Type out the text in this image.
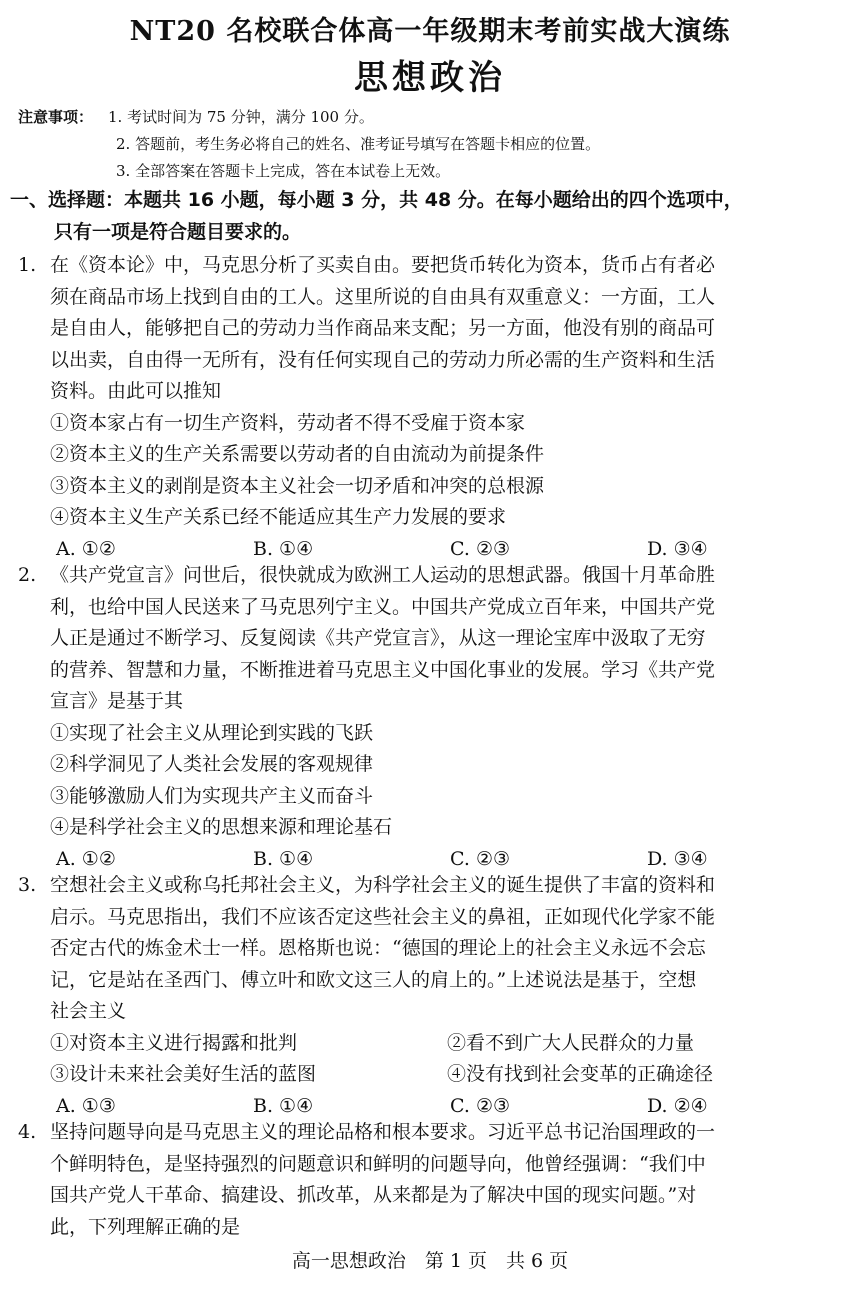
NT20 名校联合体高一年级期末考前实战大演练
思想政治
注意事项： 1. 考试时间为 75 分钟，满分 100 分。
2. 答题前，考生务必将自己的姓名、准考证号填写在答题卡相应的位置。
3. 全部答案在答题卡上完成，答在本试卷上无效。
一、选择题：本题共 16 小题，每小题 3 分，共 48 分。在每小题给出的四个选项中，
只有一项是符合题目要求的。
1. 在《资本论》中，马克思分析了买卖自由。要把货币转化为资本，货币占有者必
须在商品市场上找到自由的工人。这里所说的自由具有双重意义：一方面，工人
是自由人，能够把自己的劳动力当作商品来支配；另一方面，他没有别的商品可
以出卖，自由得一无所有，没有任何实现自己的劳动力所必需的生产资料和生活
资料。由此可以推知
①资本家占有一切生产资料，劳动者不得不受雇于资本家
②资本主义的生产关系需要以劳动者的自由流动为前提条件
③资本主义的剥削是资本主义社会一切矛盾和冲突的总根源
④资本主义生产关系已经不能适应其生产力发展的要求
A. ①②	B. ①④	C. ②③	D. ③④
2. 《共产党宣言》问世后，很快就成为欧洲工人运动的思想武器。俄国十月革命胜
利，也给中国人民送来了马克思列宁主义。中国共产党成立百年来，中国共产党
人正是通过不断学习、反复阅读《共产党宣言》，从这一理论宝库中汲取了无穷
的营养、智慧和力量，不断推进着马克思主义中国化事业的发展。学习《共产党
宣言》是基于其
①实现了社会主义从理论到实践的飞跃
②科学洞见了人类社会发展的客观规律
③能够激励人们为实现共产主义而奋斗
④是科学社会主义的思想来源和理论基石
A. ①②	B. ①④	C. ②③	D. ③④
3. 空想社会主义或称乌托邦社会主义，为科学社会主义的诞生提供了丰富的资料和
启示。马克思指出，我们不应该否定这些社会主义的鼻祖，正如现代化学家不能
否定古代的炼金术士一样。恩格斯也说：“德国的理论上的社会主义永远不会忘
记，它是站在圣西门、傅立叶和欧文这三人的肩上的。”上述说法是基于，空想
社会主义
①对资本主义进行揭露和批判	②看不到广大人民群众的力量
③设计未来社会美好生活的蓝图	④没有找到社会变革的正确途径
A. ①③	B. ①④	C. ②③	D. ②④
4. 坚持问题导向是马克思主义的理论品格和根本要求。习近平总书记治国理政的一
个鲜明特色，是坚持强烈的问题意识和鲜明的问题导向，他曾经强调：“我们中
国共产党人干革命、搞建设、抓改革，从来都是为了解决中国的现实问题。”对
此，下列理解正确的是
高一思想政治　第 1 页　共 6 页
